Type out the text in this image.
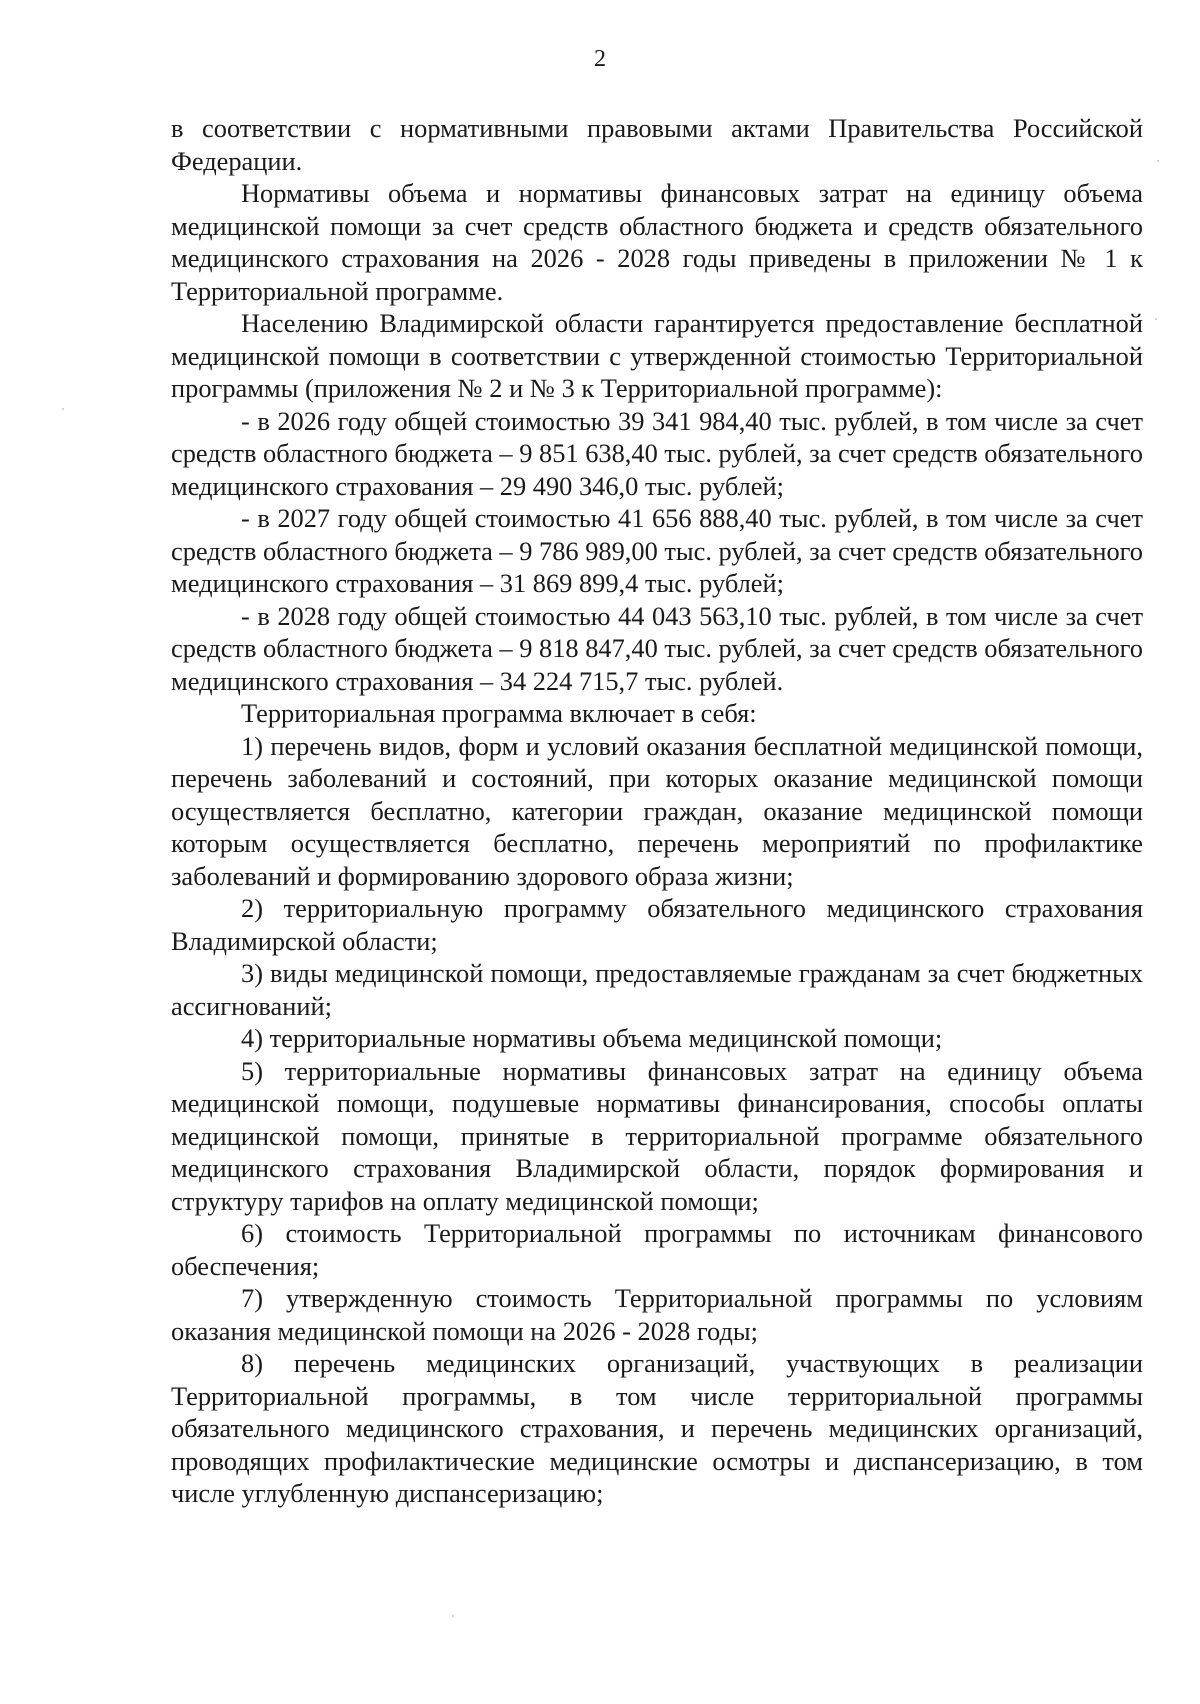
2

в соответствии с нормативными правовыми актами Правительства Российской Федерации.

Нормативы объема и нормативы финансовых затрат на единицу объема медицинской помощи за счет средств областного бюджета и средств обязательного медицинского страхования на 2026 - 2028 годы приведены в приложении № 1 к Территориальной программе.

Населению Владимирской области гарантируется предоставление бесплатной медицинской помощи в соответствии с утвержденной стоимостью Территориальной программы (приложения № 2 и № 3 к Территориальной программе):

- в 2026 году общей стоимостью 39 341 984,40 тыс. рублей, в том числе за счет средств областного бюджета – 9 851 638,40 тыс. рублей, за счет средств обязательного медицинского страхования – 29 490 346,0 тыс. рублей;

- в 2027 году общей стоимостью 41 656 888,40 тыс. рублей, в том числе за счет средств областного бюджета – 9 786 989,00 тыс. рублей, за счет средств обязательного медицинского страхования – 31 869 899,4 тыс. рублей;

- в 2028 году общей стоимостью 44 043 563,10 тыс. рублей, в том числе за счет средств областного бюджета – 9 818 847,40 тыс. рублей, за счет средств обязательного медицинского страхования – 34 224 715,7 тыс. рублей.

Территориальная программа включает в себя:

1) перечень видов, форм и условий оказания бесплатной медицинской помощи, перечень заболеваний и состояний, при которых оказание медицинской помощи осуществляется бесплатно, категории граждан, оказание медицинской помощи которым осуществляется бесплатно, перечень мероприятий по профилактике заболеваний и формированию здорового образа жизни;

2) территориальную программу обязательного медицинского страхования Владимирской области;

3) виды медицинской помощи, предоставляемые гражданам за счет бюджетных ассигнований;

4) территориальные нормативы объема медицинской помощи;

5) территориальные нормативы финансовых затрат на единицу объема медицинской помощи, подушевые нормативы финансирования, способы оплаты медицинской помощи, принятые в территориальной программе обязательного медицинского страхования Владимирской области, порядок формирования и структуру тарифов на оплату медицинской помощи;

6) стоимость Территориальной программы по источникам финансового обеспечения;

7) утвержденную стоимость Территориальной программы по условиям оказания медицинской помощи на 2026 - 2028 годы;

8) перечень медицинских организаций, участвующих в реализации Территориальной программы, в том числе территориальной программы обязательного медицинского страхования, и перечень медицинских организаций, проводящих профилактические медицинские осмотры и диспансеризацию, в том числе углубленную диспансеризацию;
